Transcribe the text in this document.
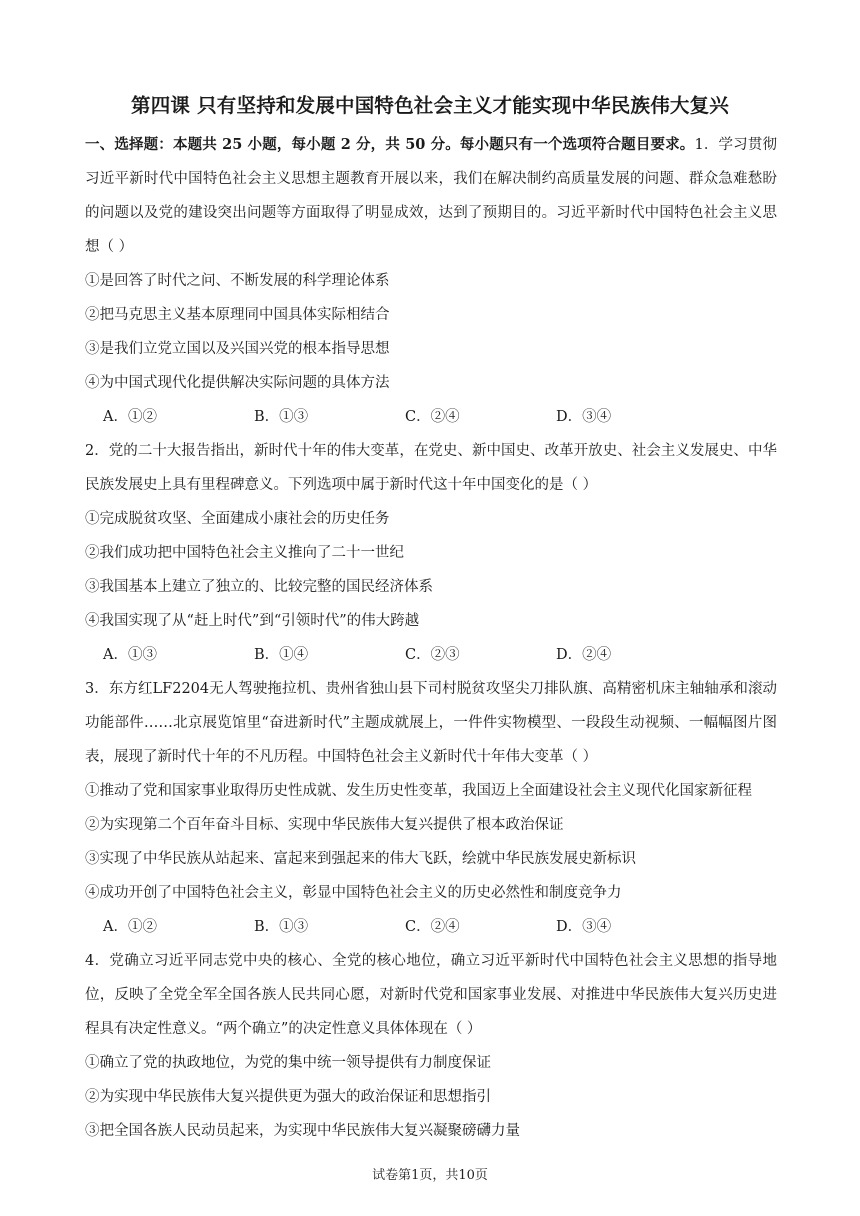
第四课 只有坚持和发展中国特色社会主义才能实现中华民族伟大复兴

一、选择题：本题共 25 小题，每小题 2 分，共 50 分。每小题只有一个选项符合题目要求。1．学习贯彻习近平新时代中国特色社会主义思想主题教育开展以来，我们在解决制约高质量发展的问题、群众急难愁盼的问题以及党的建设突出问题等方面取得了明显成效，达到了预期目的。习近平新时代中国特色社会主义思想（ ）

①是回答了时代之问、不断发展的科学理论体系

②把马克思主义基本原理同中国具体实际相结合

③是我们立党立国以及兴国兴党的根本指导思想

④为中国式现代化提供解决实际问题的具体方法

A．①②	B．①③	C．②④	D．③④

2．党的二十大报告指出，新时代十年的伟大变革，在党史、新中国史、改革开放史、社会主义发展史、中华民族发展史上具有里程碑意义。下列选项中属于新时代这十年中国变化的是（ ）

①完成脱贫攻坚、全面建成小康社会的历史任务

②我们成功把中国特色社会主义推向了二十一世纪

③我国基本上建立了独立的、比较完整的国民经济体系

④我国实现了从“赶上时代”到“引领时代”的伟大跨越

A．①③	B．①④	C．②③	D．②④

3．东方红LF2204无人驾驶拖拉机、贵州省独山县下司村脱贫攻坚尖刀排队旗、高精密机床主轴轴承和滚动功能部件……北京展览馆里“奋进新时代”主题成就展上，一件件实物模型、一段段生动视频、一幅幅图片图表，展现了新时代十年的不凡历程。中国特色社会主义新时代十年伟大变革（ ）

①推动了党和国家事业取得历史性成就、发生历史性变革，我国迈上全面建设社会主义现代化国家新征程

②为实现第二个百年奋斗目标、实现中华民族伟大复兴提供了根本政治保证

③实现了中华民族从站起来、富起来到强起来的伟大飞跃，绘就中华民族发展史新标识

④成功开创了中国特色社会主义，彰显中国特色社会主义的历史必然性和制度竞争力

A．①②	B．①③	C．②④	D．③④

4．党确立习近平同志党中央的核心、全党的核心地位，确立习近平新时代中国特色社会主义思想的指导地位，反映了全党全军全国各族人民共同心愿，对新时代党和国家事业发展、对推进中华民族伟大复兴历史进程具有决定性意义。“两个确立”的决定性意义具体体现在（ ）

①确立了党的执政地位，为党的集中统一领导提供有力制度保证

②为实现中华民族伟大复兴提供更为强大的政治保证和思想指引

③把全国各族人民动员起来，为实现中华民族伟大复兴凝聚磅礴力量

试卷第1页，共10页
